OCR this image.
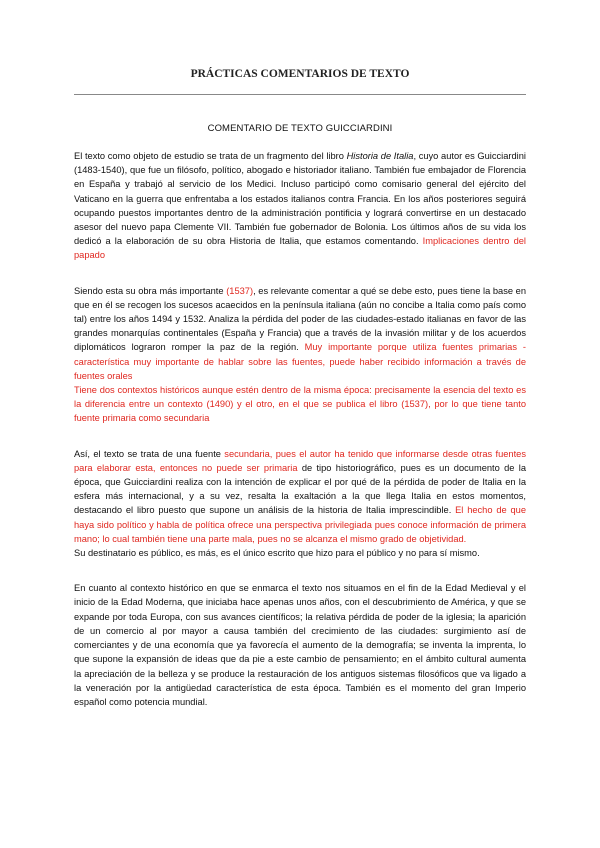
PRÁCTICAS COMENTARIOS DE TEXTO
COMENTARIO DE TEXTO GUICCIARDINI

El texto como objeto de estudio se trata de un fragmento del libro Historia de Italia, cuyo autor es Guicciardini (1483-1540), que fue un filósofo, político, abogado e historiador italiano. También fue embajador de Florencia en España y trabajó al servicio de los Medici. Incluso participó como comisario general del ejército del Vaticano en la guerra que enfrentaba a los estados italianos contra Francia. En los años posteriores seguirá ocupando puestos importantes dentro de la administración pontificia y logrará convertirse en un destacado asesor del nuevo papa Clemente VII. También fue gobernador de Bolonia. Los últimos años de su vida los dedicó a la elaboración de su obra Historia de Italia, que estamos comentando. Implicaciones dentro del papado

Siendo esta su obra más importante (1537), es relevante comentar a qué se debe esto, pues tiene la base en que en él se recogen los sucesos acaecidos en la península italiana (aún no concibe a Italia como país como tal) entre los años 1494 y 1532. Analiza la pérdida del poder de las ciudades-estado italianas en favor de las grandes monarquías continentales (España y Francia) que a través de la invasión militar y de los acuerdos diplomáticos lograron romper la paz de la región. Muy importante porque utiliza fuentes primarias - característica muy importante de hablar sobre las fuentes, puede haber recibido información a través de fuentes orales

Tiene dos contextos históricos aunque estén dentro de la misma época: precisamente la esencia del texto es la diferencia entre un contexto (1490) y el otro, en el que se publica el libro (1537), por lo que tiene tanto fuente primaria como secundaria

Así, el texto se trata de una fuente secundaria, pues el autor ha tenido que informarse desde otras fuentes para elaborar esta, entonces no puede ser primaria de tipo historiográfico, pues es un documento de la época, que Guicciardini realiza con la intención de explicar el por qué de la pérdida de poder de Italia en la esfera más internacional, y a su vez, resalta la exaltación a la que llega Italia en estos momentos, destacando el libro puesto que supone un análisis de la historia de Italia imprescindible. El hecho de que haya sido político y habla de política ofrece una perspectiva privilegiada pues conoce información de primera mano; lo cual también tiene una parte mala, pues no se alcanza el mismo grado de objetividad.

Su destinatario es público, es más, es el único escrito que hizo para el público y no para sí mismo.

En cuanto al contexto histórico en que se enmarca el texto nos situamos en el fin de la Edad Medieval y el inicio de la Edad Moderna, que iniciaba hace apenas unos años, con el descubrimiento de América, y que se expande por toda Europa, con sus avances científicos; la relativa pérdida de poder de la iglesia; la aparición de un comercio al por mayor a causa también del crecimiento de las ciudades: surgimiento así de comerciantes y de una economía que ya favorecía el aumento de la demografía; se inventa la imprenta, lo que supone la expansión de ideas que da pie a este cambio de pensamiento; en el ámbito cultural aumenta la apreciación de la belleza y se produce la restauración de los antiguos sistemas filosóficos que va ligado a la veneración por la antigüedad característica de esta época. También es el momento del gran Imperio español como potencia mundial.
